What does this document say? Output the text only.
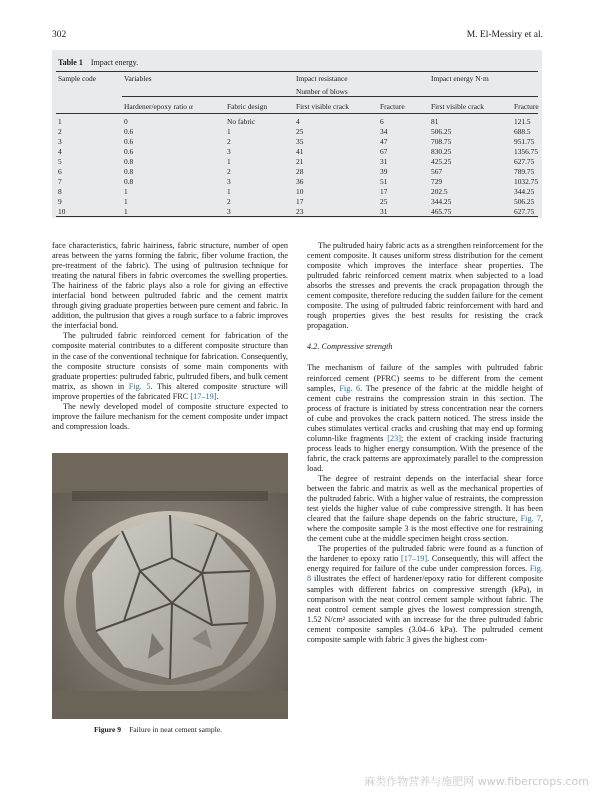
302	M. El-Messiry et al.
Table 1 Impact energy.
Sample code	Variables	Impact resistance	Impact energy N·m
Number of blows
Hardener/epoxy ratio α	Fabric design	First visible crack	Fracture	First visible crack	Fracture
1	0	No fabric	4	6	81	121.5
2	0.6	1	25	34	506.25	688.5
3	0.6	2	35	47	708.75	951.75
4	0.6	3	41	67	830.25	1356.75
5	0.8	1	21	31	425.25	627.75
6	0.8	2	28	39	567	789.75
7	0.8	3	36	51	729	1032.75
8	1	1	10	17	202.5	344.25
9	1	2	17	25	344.25	506.25
10	1	3	23	31	465.75	627.75

face characteristics, fabric hairiness, fabric structure, number of open areas between the yarns forming the fabric, fiber volume fraction, the pre-treatment of the fabric). The using of pultrusion technique for treating the natural fibers in fabric overcomes the swelling properties. The hairiness of the fabric plays also a role for giving an effective interfacial bond between pultruded fabric and the cement matrix through giving graduate properties between pure cement and fabric. In addition, the pultrusion that gives a rough surface to a fabric improves the interfacial bond.

The pultruded fabric reinforced cement for fabrication of the composite material contributes to a different composite structure than in the case of the conventional technique for fabrication. Consequently, the composite structure consists of some main components with graduate properties: pultruded fabric, pultruded fibers, and bulk cement matrix, as shown in Fig. 5. This altered composite structure will improve properties of the fabricated FRC [17–19].

The newly developed model of composite structure expected to improve the failure mechanism for the cement composite under impact and compression loads.

Figure 9 Failure in neat cement sample.

The pultruded hairy fabric acts as a strengthen reinforcement for the cement composite. It causes uniform stress distribution for the cement composite which improves the interface shear properties. The pultruded fabric reinforced cement matrix when subjected to a load absorbs the stresses and prevents the crack propagation through the cement composite, therefore reducing the sudden failure for the cement composite. The using of pultruded fabric reinforcement with hard and rough properties gives the best results for resisting the crack propagation.

4.2. Compressive strength

The mechanism of failure of the samples with pultruded fabric reinforced cement (PFRC) seems to be different from the cement samples, Fig. 6. The presence of the fabric at the middle height of cement cube restrains the compression strain in this section. The process of fracture is initiated by stress concentration near the corners of cube and provokes the crack pattern noticed. The stress inside the cubes stimulates vertical cracks and crushing that may end up forming column-like fragments [23]; the extent of cracking inside fracturing process leads to higher energy consumption. With the presence of the fabric, the crack patterns are approximately parallel to the compression load.

The degree of restraint depends on the interfacial shear force between the fabric and matrix as well as the mechanical properties of the pultruded fabric. With a higher value of restraints, the compression test yields the higher value of cube compressive strength. It has been cleared that the failure shape depends on the fabric structure, Fig. 7, where the composite sample 3 is the most effective one for restraining the cement cube at the middle specimen height cross section.

The properties of the pultruded fabric were found as a function of the hardener to epoxy ratio [17–19]. Consequently, this will affect the energy required for failure of the cube under compression forces. Fig. 8 illustrates the effect of hardener/epoxy ratio for different composite samples with different fabrics on compressive strength (kPa), in comparison with the neat control cement sample without fabric. The neat control cement sample gives the lowest compression strength, 1.52 N/cm² associated with an increase for the three pultruded fabric cement composite samples (3.04–6 kPa). The pultruded cement composite sample with fabric 3 gives the highest com-

麻类作物营养与施肥网 www.fibercrops.com
